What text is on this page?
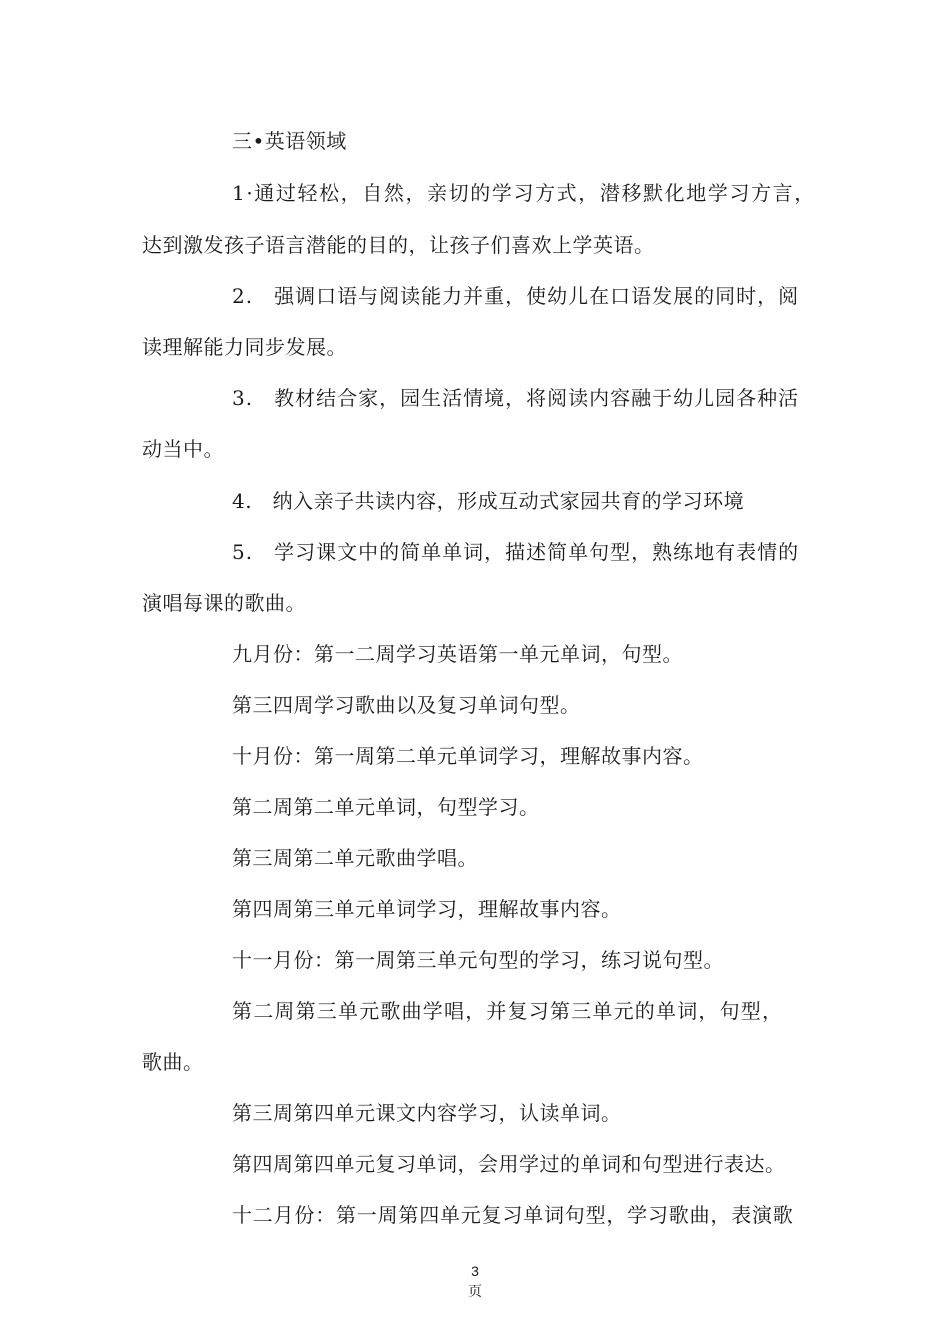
三•英语领域
1·通过轻松，自然，亲切的学习方式，潜移默化地学习方言，
达到激发孩子语言潜能的目的，让孩子们喜欢上学英语。
2.　强调口语与阅读能力并重，使幼儿在口语发展的同时，阅
读理解能力同步发展。
3.　教材结合家，园生活情境，将阅读内容融于幼儿园各种活
动当中。
4.　纳入亲子共读内容，形成互动式家园共育的学习环境
5.　学习课文中的简单单词，描述简单句型，熟练地有表情的
演唱每课的歌曲。
九月份：第一二周学习英语第一单元单词，句型。
第三四周学习歌曲以及复习单词句型。
十月份：第一周第二单元单词学习，理解故事内容。
第二周第二单元单词，句型学习。
第三周第二单元歌曲学唱。
第四周第三单元单词学习，理解故事内容。
十一月份：第一周第三单元句型的学习，练习说句型。
第二周第三单元歌曲学唱，并复习第三单元的单词，句型，
歌曲。
第三周第四单元课文内容学习，认读单词。
第四周第四单元复习单词，会用学过的单词和句型进行表达。
十二月份：第一周第四单元复习单词句型，学习歌曲，表演歌
3
页
